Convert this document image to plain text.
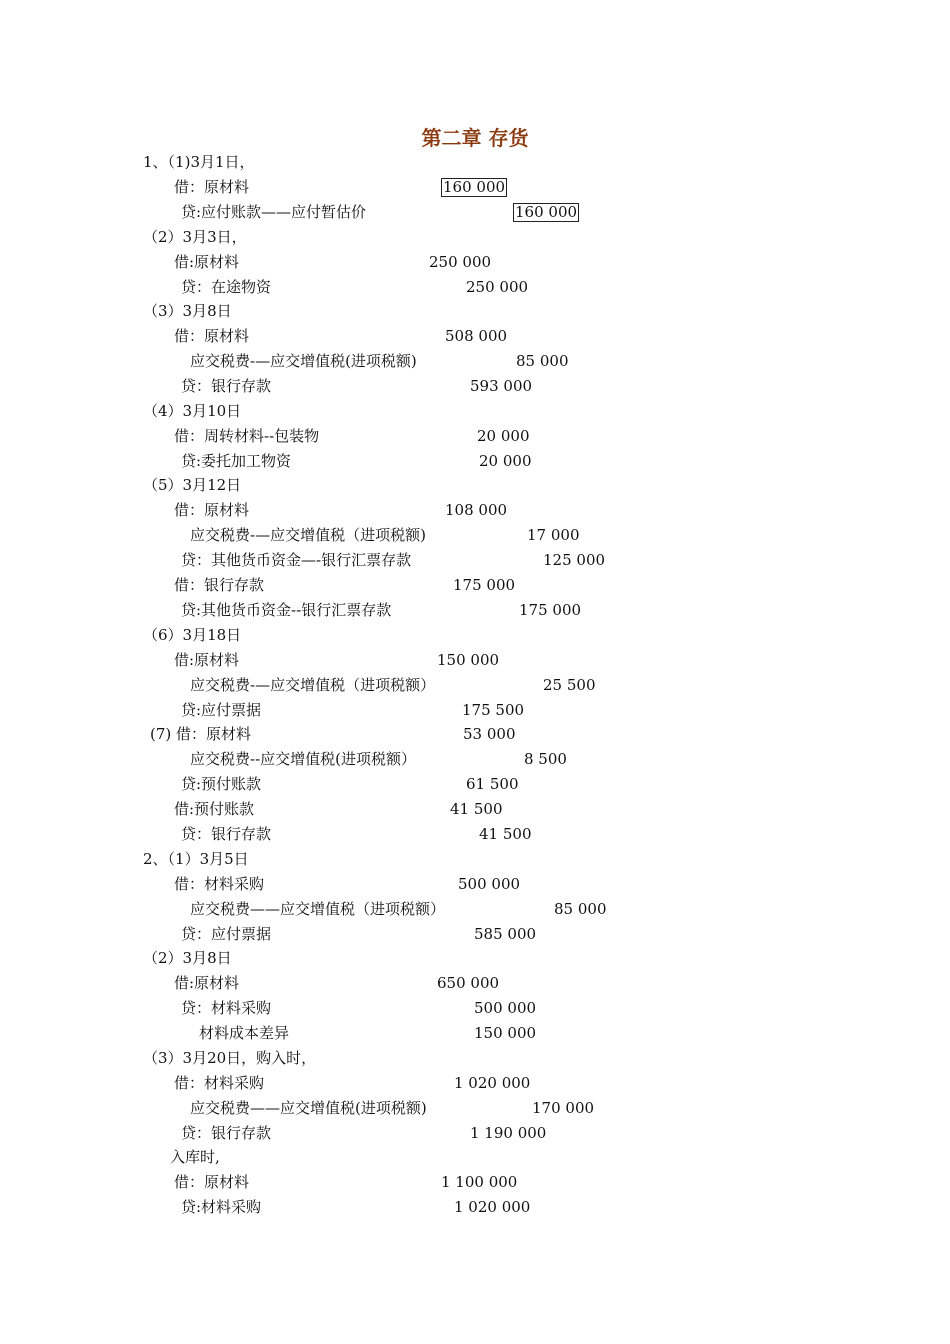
第二章 存货
1、（1)3月1日，
借：原材料	160 000
贷:应付账款——应付暂估价	160 000
（2）3月3日，
借:原材料	250 000
贷：在途物资	250 000
（3）3月8日
借：原材料	508 000
应交税费-—应交增值税(进项税额)	85 000
贷：银行存款	593 000
（4）3月10日
借：周转材料--包装物	20 000
贷:委托加工物资	20 000
（5）3月12日
借：原材料	108 000
应交税费-—应交增值税（进项税额)	17 000
贷：其他货币资金—-银行汇票存款	125 000
借：银行存款	175 000
贷:其他货币资金--银行汇票存款	175 000
（6）3月18日
借:原材料	150 000
应交税费-—应交增值税（进项税额）	25 500
贷:应付票据	175 500
(7) 借：原材料	53 000
应交税费--应交增值税(进项税额）	8 500
贷:预付账款	61 500
借:预付账款	41 500
贷：银行存款	41 500
2、（1）3月5日
借：材料采购	500 000
应交税费——应交增值税（进项税额）	85 000
贷：应付票据	585 000
（2）3月8日
借:原材料	650 000
贷：材料采购	500 000
材料成本差异	150 000
（3）3月20日，购入时，
借：材料采购	1 020 000
应交税费——应交增值税(进项税额)	170 000
贷：银行存款	1 190 000
入库时,
借：原材料	1 100 000
贷:材料采购	1 020 000
